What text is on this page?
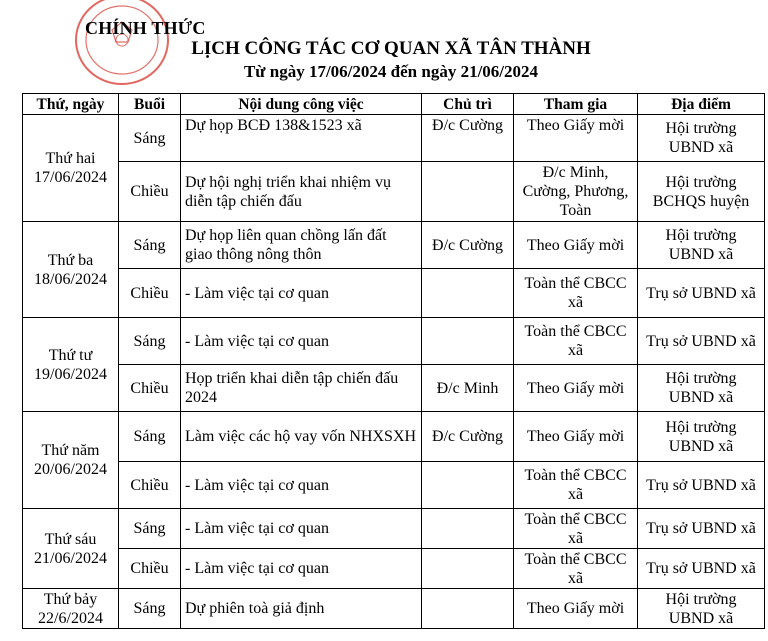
CHÍNH THỨC
LỊCH CÔNG TÁC CƠ QUAN XÃ TÂN THÀNH
Từ ngày 17/06/2024 đến ngày 21/06/2024
Thứ, ngày	Buổi	Nội dung công việc	Chủ trì	Tham gia	Địa điểm

Thứ hai
17/06/2024	Sáng	Dự họp BCĐ 138&1523 xã	Đ/c Cường	Theo Giấy mời	Hội trường UBND xã
	Chiều	Dự hội nghị triển khai nhiệm vụ diễn tập chiến đấu		Đ/c Minh, Cường, Phương, Toàn	Hội trường BCHQS huyện

Thứ ba
18/06/2024	Sáng	Dự họp liên quan chồng lấn đất giao thông nông thôn	Đ/c Cường	Theo Giấy mời	Hội trường UBND xã
	Chiều	- Làm việc tại cơ quan		Toàn thể CBCC xã	Trụ sở UBND xã

Thứ tư
19/06/2024	Sáng	- Làm việc tại cơ quan		Toàn thể CBCC xã	Trụ sở UBND xã
	Chiều	Họp triển khai diễn tập chiến đấu 2024	Đ/c Minh	Theo Giấy mời	Hội trường UBND xã

Thứ năm
20/06/2024	Sáng	Làm việc các hộ vay vốn NHXSXH	Đ/c Cường	Theo Giấy mời	Hội trường UBND xã
	Chiều	- Làm việc tại cơ quan		Toàn thể CBCC xã	Trụ sở UBND xã

Thứ sáu
21/06/2024	Sáng	- Làm việc tại cơ quan		Toàn thể CBCC xã	Trụ sở UBND xã
	Chiều	- Làm việc tại cơ quan		Toàn thể CBCC xã	Trụ sở UBND xã

Thứ bảy
22/6/2024	Sáng	Dự phiên toà giả định		Theo Giấy mời	Hội trường UBND xã
